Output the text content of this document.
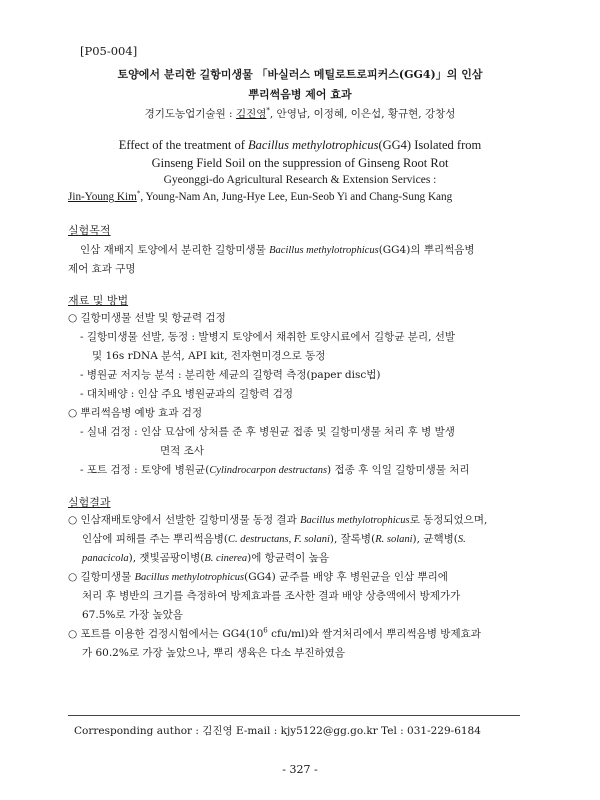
[P05-004]
토양에서 분리한 길항미생물 「바실러스 메틸로트로피커스(GG4)」의 인삼
뿌리썩음병 제어 효과
경기도농업기술원 : 김진영*, 안영남, 이정혜, 이은섭, 황규현, 강창성
Effect of the treatment of Bacillus methylotrophicus(GG4) Isolated from
Ginseng Field Soil on the suppression of Ginseng Root Rot
Gyeonggi-do Agricultural Research & Extension Services :
Jin-Young Kim*, Young-Nam An, Jung-Hye Lee, Eun-Seob Yi and Chang-Sung Kang
실험목적
인삼 재배지 토양에서 분리한 길항미생물 Bacillus methylotrophicus(GG4)의 뿌리썩음병
제어 효과 구명
재료 및 방법
○ 길항미생물 선발 및 항균력 검정
- 길항미생물 선발, 동정 : 발병지 토양에서 채취한 토양시료에서 길항균 분리, 선발
및 16s rDNA 분석, API kit, 전자현미경으로 동정
- 병원균 저지능 분석 : 분리한 세균의 길항력 측정(paper disc법)
- 대치배양 : 인삼 주요 병원균과의 길항력 검정
○ 뿌리썩음병 예방 효과 검정
- 실내 검정 : 인삼 묘삼에 상처를 준 후 병원균 접종 및 길항미생물 처리 후 병 발생
면적 조사
- 포트 검정 : 토양에 병원균(Cylindrocarpon destructans) 접종 후 익일 길항미생물 처리
실험결과
○ 인삼재배토양에서 선발한 길항미생물 동정 결과 Bacillus methylotrophicus로 동정되었으며,
인삼에 피해를 주는 뿌리썩음병(C. destructans, F. solani), 잘록병(R. solani), 균핵병(S.
panacicola), 잿빛곰팡이병(B. cinerea)에 항균력이 높음
○ 길항미생물 Bacillus methylotrophicus(GG4) 균주를 배양 후 병원균을 인삼 뿌리에
처리 후 병반의 크기를 측정하여 방제효과를 조사한 결과 배양 상층액에서 방제가가
67.5%로 가장 높았음
○ 포트를 이용한 검정시험에서는 $GG4(10^6$ cfu/ml)와 쌀겨처리에서 뿌리썩음병 방제효과
가 60.2%로 가장 높았으나, 뿌리 생육은 다소 부진하였음
Corresponding author : 김진영 E-mail : kjy5122@gg.go.kr Tel : 031-229-6184
- 327 -
